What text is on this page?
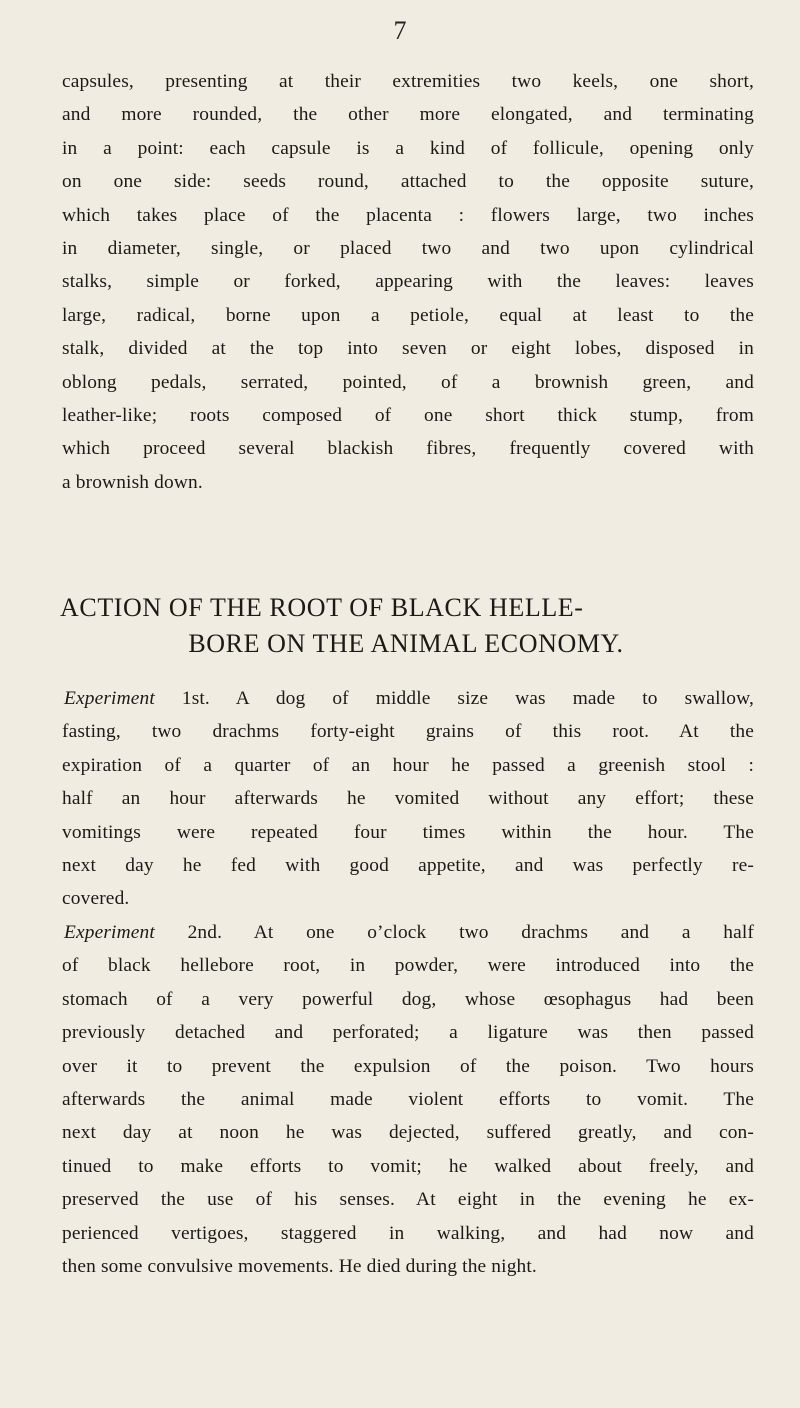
7
capsules, presenting at their extremities two keels, one short,
and more rounded, the other more elongated, and terminating
in a point: each capsule is a kind of follicule, opening only
on one side: seeds round, attached to the opposite suture,
which takes place of the placenta : flowers large, two inches
in diameter, single, or placed two and two upon cylindrical
stalks, simple or forked, appearing with the leaves: leaves
large, radical, borne upon a petiole, equal at least to the
stalk, divided at the top into seven or eight lobes, disposed in
oblong pedals, serrated, pointed, of a brownish green, and
leather-like; roots composed of one short thick stump, from
which proceed several blackish fibres, frequently covered with
a brownish down.
ACTION OF THE ROOT OF BLACK HELLE-
BORE ON THE ANIMAL ECONOMY.
Experiment 1st. A dog of middle size was made to swallow,
fasting, two drachms forty-eight grains of this root. At the
expiration of a quarter of an hour he passed a greenish stool :
half an hour afterwards he vomited without any effort; these
vomitings were repeated four times within the hour. The
next day he fed with good appetite, and was perfectly re-
covered.
Experiment 2nd. At one o’clock two drachms and a half
of black hellebore root, in powder, were introduced into the
stomach of a very powerful dog, whose œsophagus had been
previously detached and perforated; a ligature was then passed
over it to prevent the expulsion of the poison. Two hours
afterwards the animal made violent efforts to vomit. The
next day at noon he was dejected, suffered greatly, and con-
tinued to make efforts to vomit; he walked about freely, and
preserved the use of his senses. At eight in the evening he ex-
perienced vertigoes, staggered in walking, and had now and
then some convulsive movements. He died during the night.
